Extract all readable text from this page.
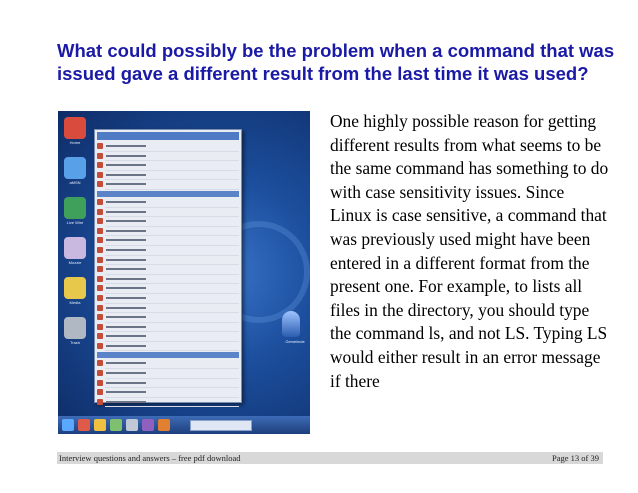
What could possibly be the problem when a command that was issued gave a different result from the last time it was used?
Home
aMSN
Live Wire
Mozzie
Media
Trash	Gemeiinde
One highly possible reason for getting different results from what seems to be the same command has something to do with case sensitivity issues. Since Linux is case sensitive, a command that was previously used might have been entered in a different format from the present one. For example, to lists all files in the directory, you should type the command ls, and not LS. Typing LS would either result in an error message if there
Interview questions and answers – free pdf download	Page 13 of 39
